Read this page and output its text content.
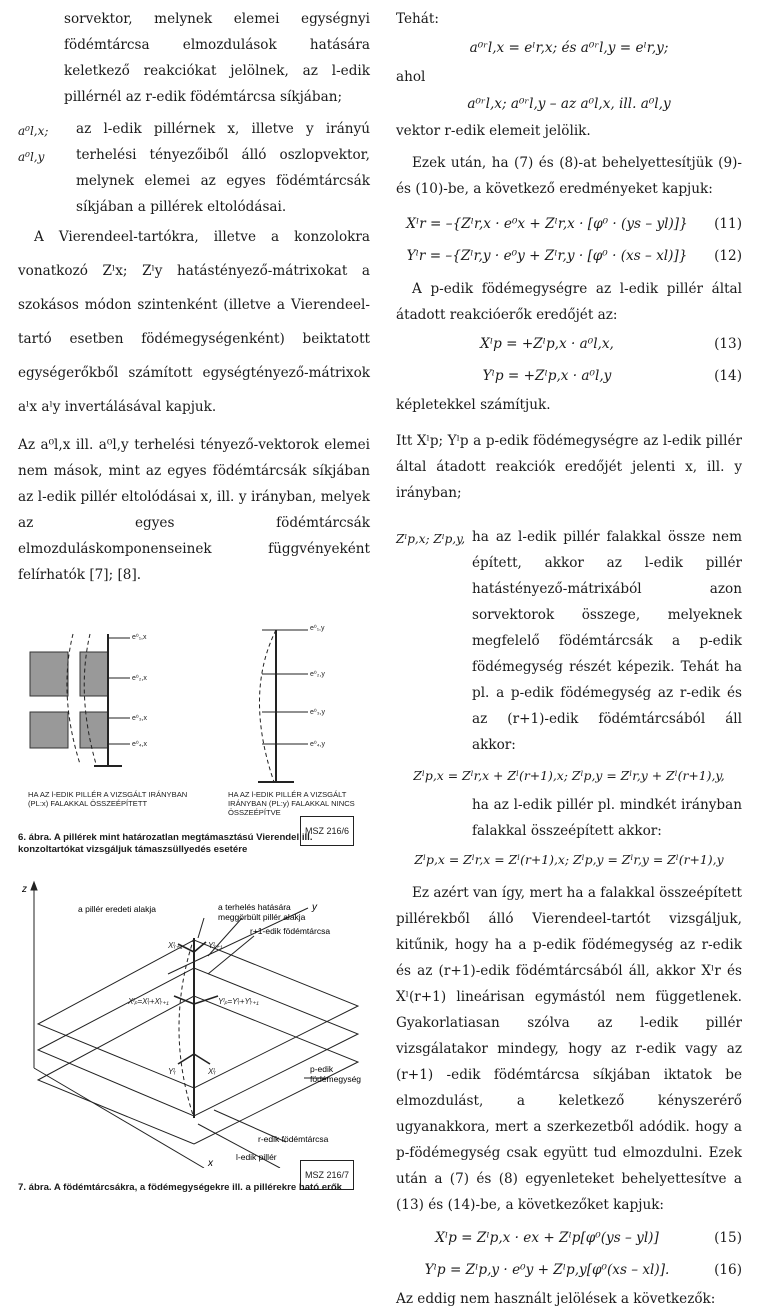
sorvektor, melynek elemei egységnyi födémtárcsa elmozdulások hatására keletkező reakciókat jelölnek, az l-edik pillérnél az r-edik födémtárcsa síkjában;

a⁰l,x; a⁰l,y
az l-edik pillérnek x, illetve y irányú terhelési tényezőiből álló oszlopvektor, melynek elemei az egyes födémtárcsák síkjában a pillérek eltolódásai.

A Vierendeel-tartókra, illetve a konzolokra vonatkozó Zˡx; Zˡy hatástényező-mátrixokat a szokásos módon szintenként (illetve a Vierendeel-tartó esetben födémegységenként) beiktatott egységerőkből számított egységtényező-mátrixok aˡx aˡy invertálásával kapjuk.

Az a⁰l,x ill. a⁰l,y terhelési tényező-vektorok elemei nem mások, mint az egyes födémtárcsák síkjában az l-edik pillér eltolódásai x, ill. y irányban, melyek az egyes födémtárcsák elmozduláskomponenseinek függvényeként felírhatók [7]; [8].

e⁰₁,x
e⁰₂,x
e⁰₃,x
e⁰₄,x
e⁰₁,y
e⁰₂,y
e⁰₃,y
e⁰₄,y
HA AZ l-EDIK PILLÉR A VIZSGÁLT IRÁNYBAN (PL:x) FALAKKAL ÖSSZEÉPÍTETT
HA AZ l-EDIK PILLÉR A VIZSGÁLT IRÁNYBAN (PL:y) FALAKKAL NINCS ÖSSZEÉPÍTVE
MSZ 216/6

6. ábra. A pillérek mint határozatlan megtámasztású Vierendel ill. konzoltartókat vizsgáljuk támaszsüllyedés esetére

Xˡᵣ₊₁	Yˡᵣ₊₁
Xˡₚ=Xˡᵣ+Xˡᵣ₊₁	Yˡₚ=Yˡᵣ+Yˡᵣ₊₁
Yˡᵣ	Xˡᵣ
z
y
x
a pillér eredeti alakja	a terhelés hatására
meggörbült pillér alakja
r+1-edik födémtárcsa
p-edik
födémegység
r-edik födémtárcsa
l-edik pillér
MSZ 216/7

7. ábra. A födémtárcsákra, a födémegységekre ill. a pillérekre ható erők

Tehát:

a⁰ʳl,x = eˡr,x; és a⁰ʳl,y = eˡr,y;

ahol

a⁰ʳl,x; a⁰ʳl,y – az a⁰l,x, ill. a⁰l,y

vektor r-edik elemeit jelölik.

Ezek után, ha (7) és (8)-at behelyettesítjük (9)- és (10)-be, a következő eredményeket kapjuk:

Xˡr = –{Zˡr,x · e⁰x + Zˡr,x · [φ⁰ · (ys – yl)]}	(11)
Yˡr = –{Zˡr,y · e⁰y + Zˡr,y · [φ⁰ · (xs – xl)]}	(12)

A p-edik födémegységre az l-edik pillér által átadott reakcióerők eredőjét az:

Xˡp = +Zˡp,x · a⁰l,x,	(13)
Yˡp = +Zˡp,x · a⁰l,y	(14)

képletekkel számítjuk.

Itt Xˡp; Yˡp a p-edik födémegységre az l-edik pillér által átadott reakciók eredőjét jelenti x, ill. y irányban;

Zˡp,x; Zˡp,y, ha az l-edik pillér falakkal össze nem épített, akkor az l-edik pillér hatástényező-mátrixából azon sorvektorok összege, melyeknek megfelelő födémtárcsák a p-edik födémegység részét képezik. Tehát ha pl. a p-edik födémegység az r-edik és az (r+1)-edik födémtárcsából áll akkor:
Zˡp,x = Zˡr,x + Zˡ(r+1),x; Zˡp,y = Zˡr,y + Zˡ(r+1),y,

ha az l-edik pillér pl. mindkét irányban falakkal összeépített akkor:

Zˡp,x = Zˡr,x = Zˡ(r+1),x; Zˡp,y = Zˡr,y = Zˡ(r+1),y

Ez azért van így, mert ha a falakkal összeépített pillérekből álló Vierendeel-tartót vizsgáljuk, kitűnik, hogy ha a p-edik födémegység az r-edik és az (r+1)-edik födémtárcsából áll, akkor Xˡr és Xˡ(r+1) lineárisan egymástól nem függetlenek. Gyakorlatiasan szólva az l-edik pillér vizsgálatakor mindegy, hogy az r-edik vagy az (r+1) -edik födémtárcsa síkjában iktatok be elmozdulást, a keletkező kényszerérő ugyanakkora, mert a szerkezetből adódik. hogy a p-födémegység csak együtt tud elmozdulni. Ezek után a (7) és (8) egyenleteket behelyettesítve a (13) és (14)-be, a következőket kapjuk:

Xˡp = Zˡp,x · ex + Zˡp[φ⁰(ys – yl)]	(15)
Yˡp = Zˡp,y · e⁰y + Zˡp,y[φ⁰(xs – xl)].	(16)

Az eddig nem használt jelölések a következők:
